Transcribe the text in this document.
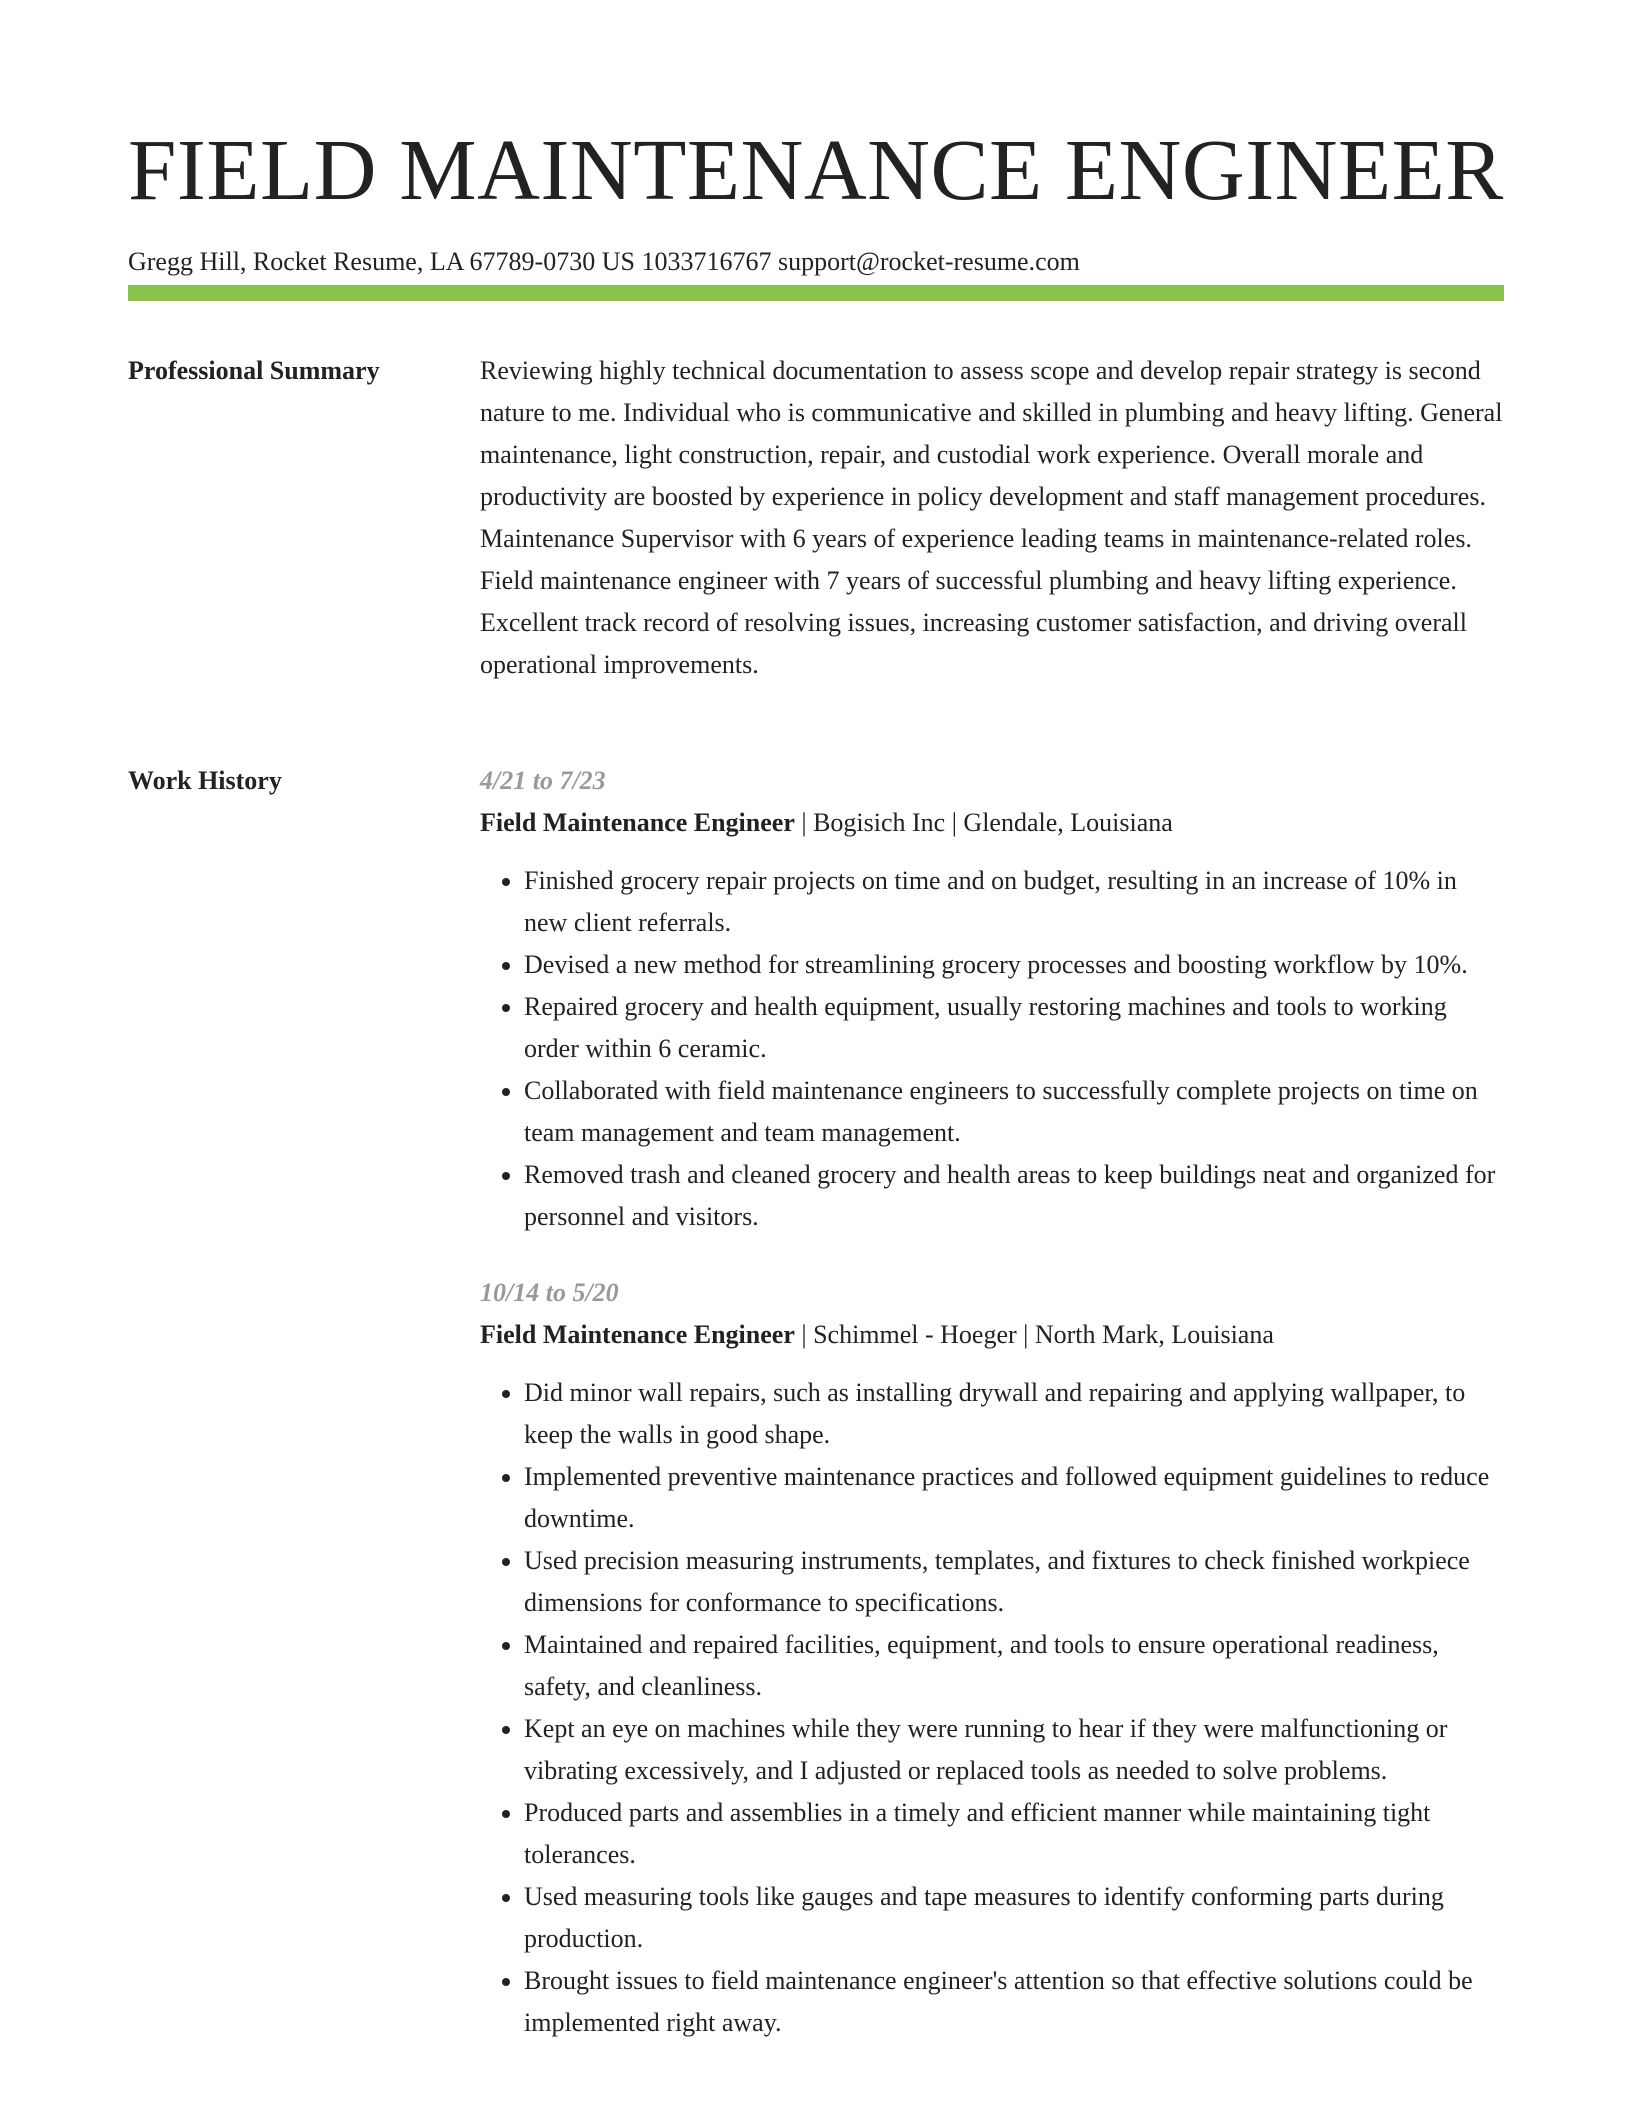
FIELD MAINTENANCE ENGINEER
Gregg Hill, Rocket Resume, LA 67789-0730 US 1033716767 support@rocket-resume.com
Professional Summary	Reviewing highly technical documentation to assess scope and develop repair strategy is second nature to me. Individual who is communicative and skilled in plumbing and heavy lifting. General maintenance, light construction, repair, and custodial work experience. Overall morale and productivity are boosted by experience in policy development and staff management procedures. Maintenance Supervisor with 6 years of experience leading teams in maintenance-related roles. Field maintenance engineer with 7 years of successful plumbing and heavy lifting experience. Excellent track record of resolving issues, increasing customer satisfaction, and driving overall operational improvements.

Work History	4/21 to 7/23
Field Maintenance Engineer | Bogisich Inc | Glendale, Louisiana
• Finished grocery repair projects on time and on budget, resulting in an increase of 10% in new client referrals.
• Devised a new method for streamlining grocery processes and boosting workflow by 10%.
• Repaired grocery and health equipment, usually restoring machines and tools to working order within 6 ceramic.
• Collaborated with field maintenance engineers to successfully complete projects on time on team management and team management.
• Removed trash and cleaned grocery and health areas to keep buildings neat and organized for personnel and visitors.
10/14 to 5/20
Field Maintenance Engineer | Schimmel - Hoeger | North Mark, Louisiana
• Did minor wall repairs, such as installing drywall and repairing and applying wallpaper, to keep the walls in good shape.
• Implemented preventive maintenance practices and followed equipment guidelines to reduce downtime.
• Used precision measuring instruments, templates, and fixtures to check finished workpiece dimensions for conformance to specifications.
• Maintained and repaired facilities, equipment, and tools to ensure operational readiness, safety, and cleanliness.
• Kept an eye on machines while they were running to hear if they were malfunctioning or vibrating excessively, and I adjusted or replaced tools as needed to solve problems.
• Produced parts and assemblies in a timely and efficient manner while maintaining tight tolerances.
• Used measuring tools like gauges and tape measures to identify conforming parts during production.
• Brought issues to field maintenance engineer's attention so that effective solutions could be implemented right away.
